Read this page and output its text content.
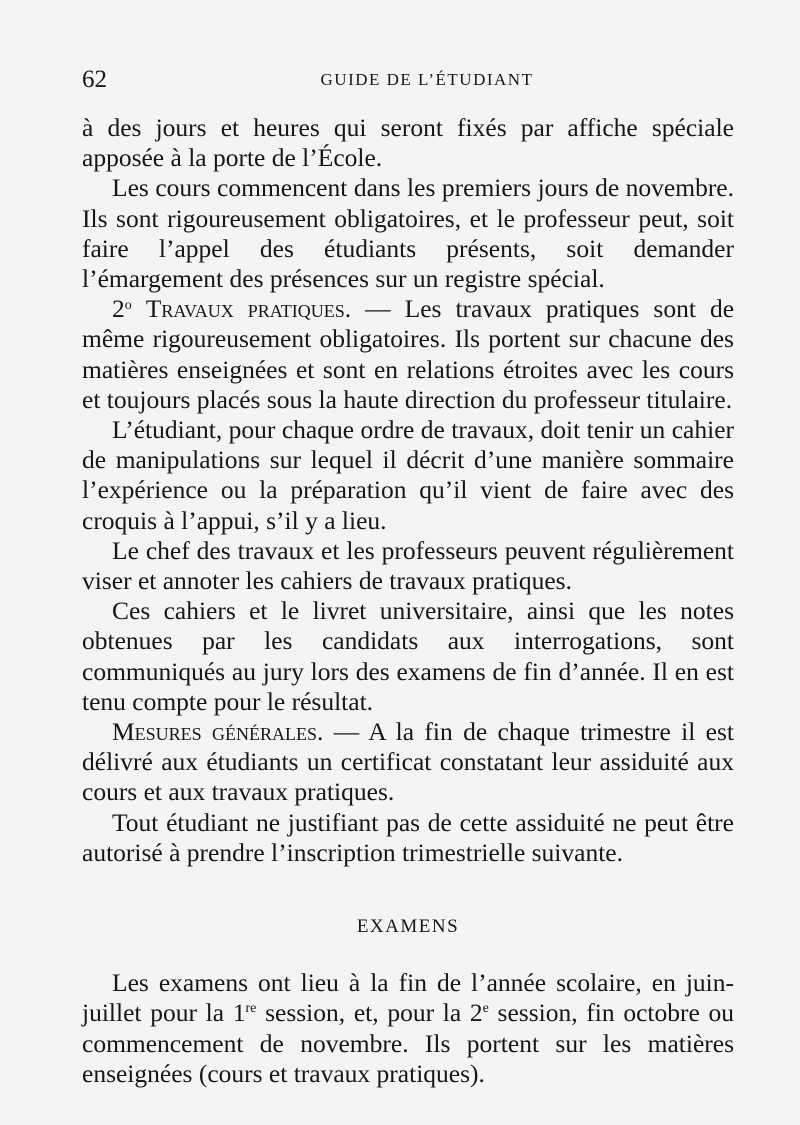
62	GUIDE DE L’ÉTUDIANT

à des jours et heures qui seront fixés par affiche spéciale apposée à la porte de l’École.

Les cours commencent dans les premiers jours de novembre. Ils sont rigoureusement obligatoires, et le professeur peut, soit faire l’appel des étudiants présents, soit demander l’émargement des présences sur un registre spécial.

2$^o$ Travaux pratiques. — Les travaux pratiques sont de même rigoureusement obligatoires. Ils portent sur chacune des matières enseignées et sont en relations étroites avec les cours et toujours placés sous la haute direction du professeur titulaire.

L’étudiant, pour chaque ordre de travaux, doit tenir un cahier de manipulations sur lequel il décrit d’une manière sommaire l’expérience ou la préparation qu’il vient de faire avec des croquis à l’appui, s’il y a lieu.

Le chef des travaux et les professeurs peuvent régulièrement viser et annoter les cahiers de travaux pratiques.

Ces cahiers et le livret universitaire, ainsi que les notes obtenues par les candidats aux interrogations, sont communiqués au jury lors des examens de fin d’année. Il en est tenu compte pour le résultat.

Mesures générales. — A la fin de chaque trimestre il est délivré aux étudiants un certificat constatant leur assiduité aux cours et aux travaux pratiques.

Tout étudiant ne justifiant pas de cette assiduité ne peut être autorisé à prendre l’inscription trimestrielle suivante.

EXAMENS

Les examens ont lieu à la fin de l’année scolaire, en juin-juillet pour la 1re session, et, pour la 2e session, fin octobre ou commencement de novembre. Ils portent sur les matières enseignées (cours et travaux pratiques).
